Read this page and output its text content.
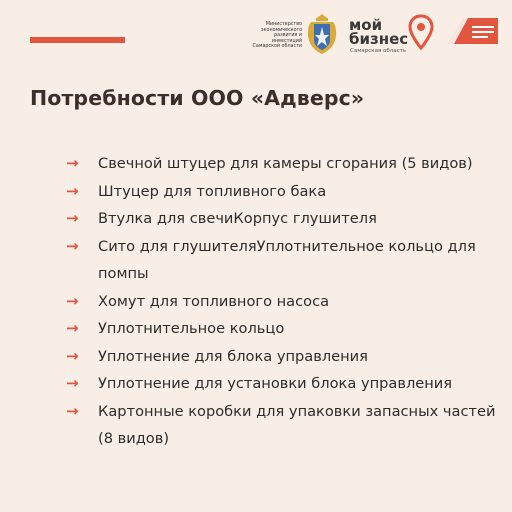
Министерство
экономического
развития и инвестиций
Самарской области
мой бизнес
Самарская область
Потребности ООО «Адверс»
→	Свечной штуцер для камеры сгорания (5 видов)
→	Штуцер для топливного бака
→	Втулка для свечиКорпус глушителя
→	Сито для глушителяУплотнительное кольцо для помпы
→	Хомут для топливного насоса
→	Уплотнительное кольцо
→	Уплотнение для блока управления
→	Уплотнение для установки блока управления
→	Картонные коробки для упаковки запасных частей (8 видов)
